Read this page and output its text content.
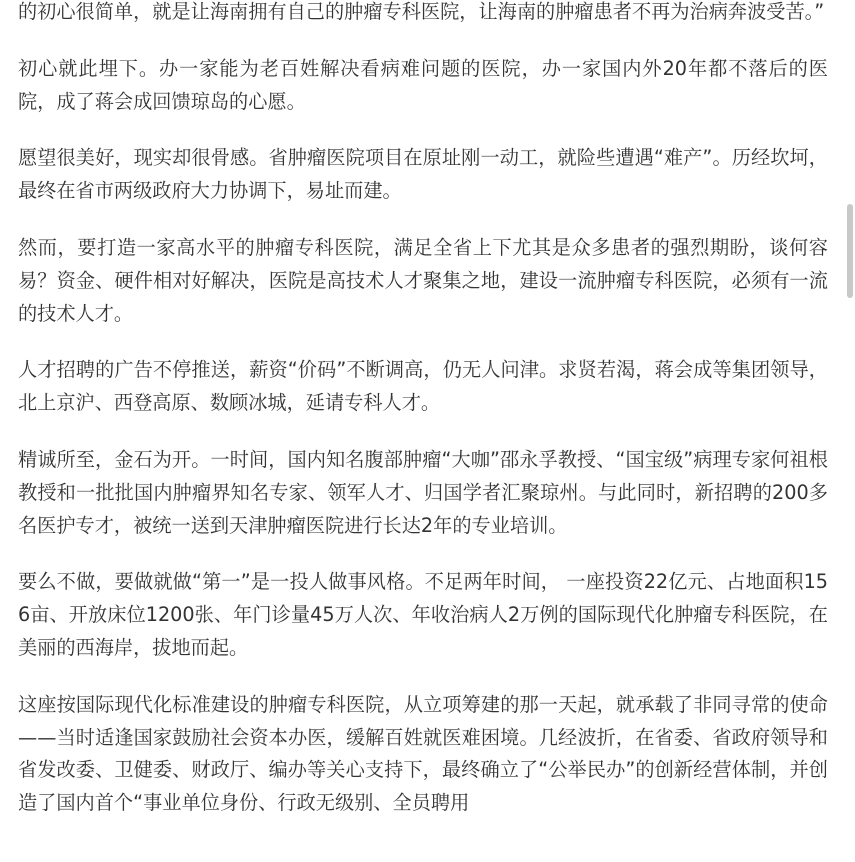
的初心很简单，就是让海南拥有自己的肿瘤专科医院，让海南的肿瘤患者不再为治病奔波受苦。”

初心就此埋下。办一家能为老百姓解决看病难问题的医院，办一家国内外20年都不落后的医院，成了蒋会成回馈琼岛的心愿。

愿望很美好，现实却很骨感。省肿瘤医院项目在原址刚一动工，就险些遭遇“难产”。历经坎坷，最终在省市两级政府大力协调下，易址而建。

然而，要打造一家高水平的肿瘤专科医院，满足全省上下尤其是众多患者的强烈期盼，谈何容易？资金、硬件相对好解决，医院是高技术人才聚集之地，建设一流肿瘤专科医院，必须有一流的技术人才。

人才招聘的广告不停推送，薪资“价码”不断调高，仍无人问津。求贤若渴，蒋会成等集团领导，北上京沪、西登高原、数顾冰城，延请专科人才。

精诚所至，金石为开。一时间，国内知名腹部肿瘤“大咖”邵永孚教授、“国宝级”病理专家何祖根教授和一批批国内肿瘤界知名专家、领军人才、归国学者汇聚琼州。与此同时，新招聘的200多名医护专才，被统一送到天津肿瘤医院进行长达2年的专业培训。

要么不做，要做就做“第一”是一投人做事风格。不足两年时间， 一座投资22亿元、占地面积156亩、开放床位1200张、年门诊量45万人次、年收治病人2万例的国际现代化肿瘤专科医院，在美丽的西海岸，拔地而起。

这座按国际现代化标准建设的肿瘤专科医院，从立项筹建的那一天起，就承载了非同寻常的使命——当时适逢国家鼓励社会资本办医，缓解百姓就医难困境。几经波折，在省委、省政府领导和省发改委、卫健委、财政厅、编办等关心支持下，最终确立了“公举民办”的创新经营体制，并创造了国内首个“事业单位身份、行政无级别、全员聘用
